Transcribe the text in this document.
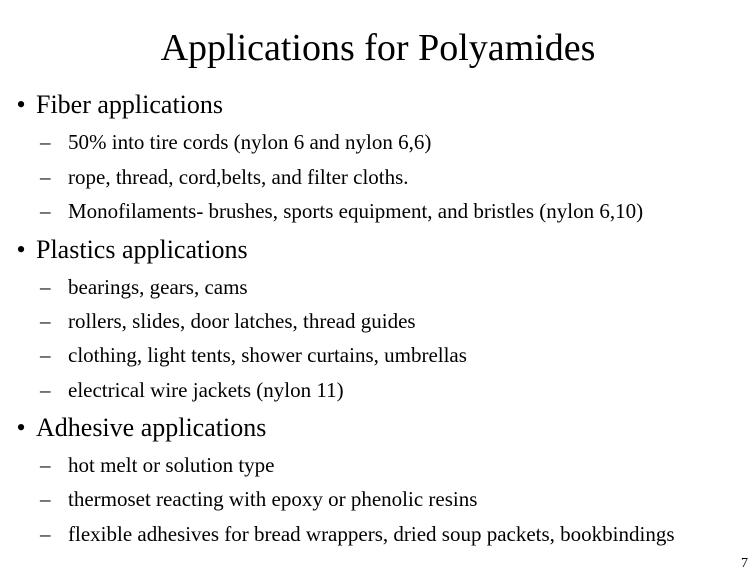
Applications for Polyamides
• Fiber applications
– 50% into tire cords (nylon 6 and nylon 6,6)
– rope, thread, cord,belts, and filter cloths.
– Monofilaments- brushes, sports equipment, and bristles (nylon 6,10)
• Plastics applications
– bearings, gears, cams
– rollers, slides, door latches, thread guides
– clothing, light tents, shower curtains, umbrellas
– electrical wire jackets (nylon 11)
• Adhesive applications
– hot melt or solution type
– thermoset reacting with epoxy or phenolic resins
– flexible adhesives for bread wrappers, dried soup packets, bookbindings
7
